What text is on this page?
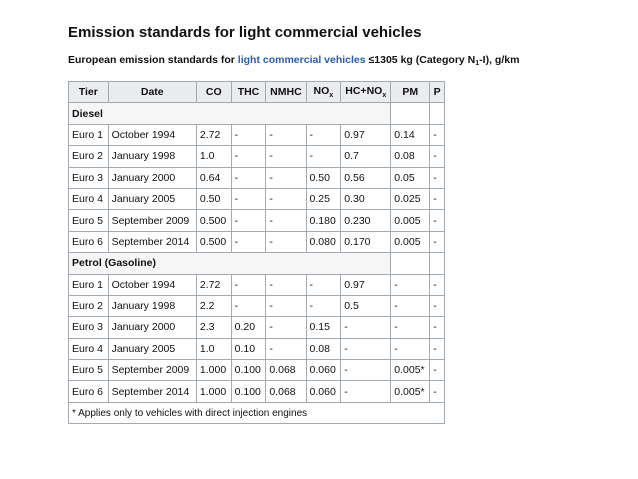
Emission standards for light commercial vehicles

European emission standards for light commercial vehicles ≤1305 kg (Category $N_1-I$), g/km

Tier	Date	CO	THC	NMHC	$NO_x$	$HC+NO_x$	PM	P
Diesel								
Euro 1	October 1994	2.72	-	-	-	0.97	0.14	-
Euro 2	January 1998	1.0	-	-	-	0.7	0.08	-
Euro 3	January 2000	0.64	-	-	0.50	0.56	0.05	-
Euro 4	January 2005	0.50	-	-	0.25	0.30	0.025	-
Euro 5	September 2009	0.500	-	-	0.180	0.230	0.005	-
Euro 6	September 2014	0.500	-	-	0.080	0.170	0.005	-
Petrol (Gasoline)								
Euro 1	October 1994	2.72	-	-	-	0.97	-	-
Euro 2	January 1998	2.2	-	-	-	0.5	-	-
Euro 3	January 2000	2.3	0.20	-	0.15	-	-	-
Euro 4	January 2005	1.0	0.10	-	0.08	-	-	-
Euro 5	September 2009	1.000	0.100	0.068	0.060	-	0.005*	-
Euro 6	September 2014	1.000	0.100	0.068	0.060	-	0.005*	-
* Applies only to vehicles with direct injection engines								
